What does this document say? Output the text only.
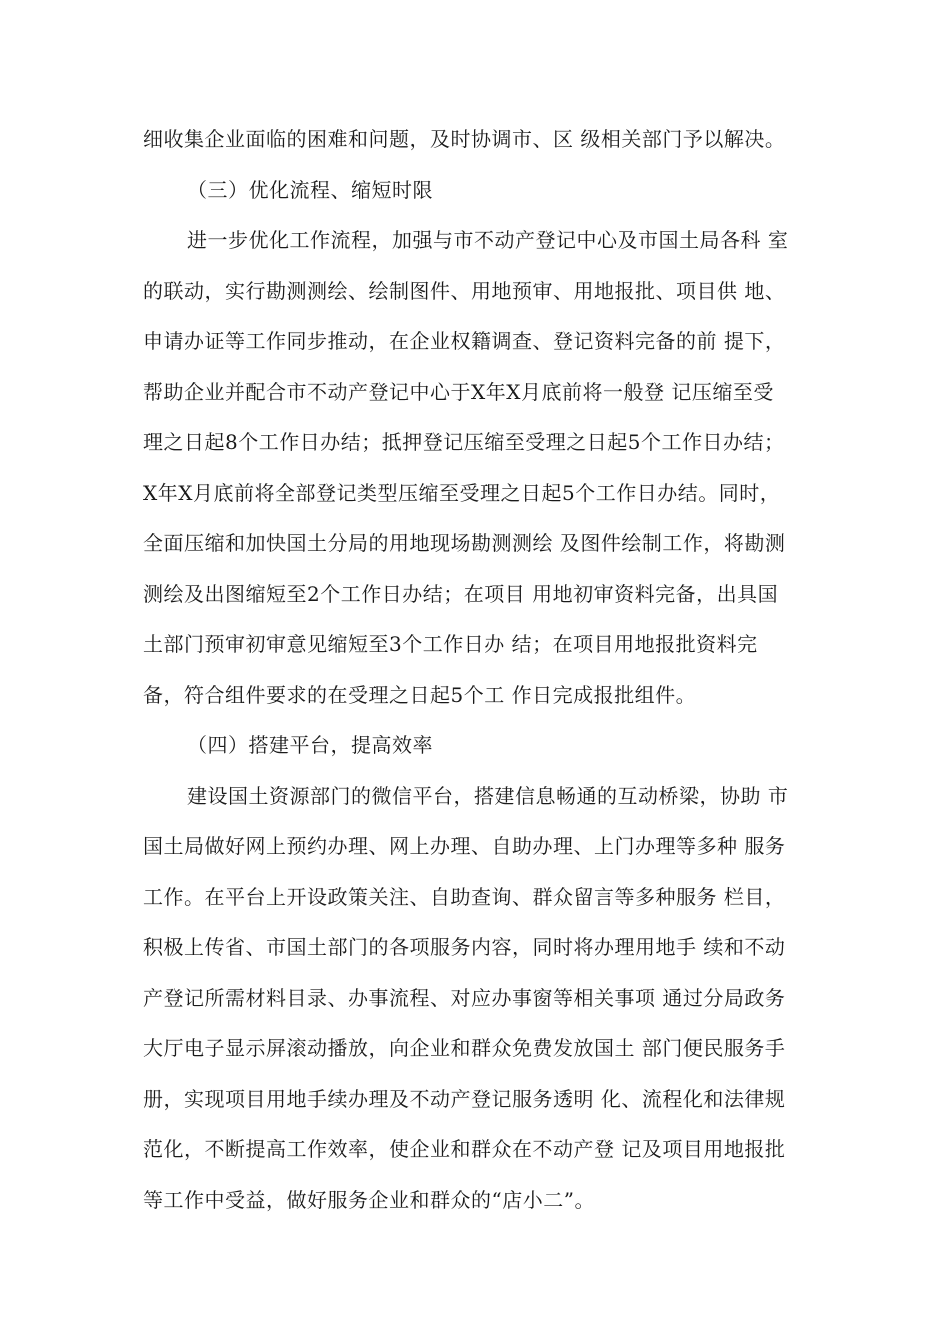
细收集企业面临的困难和问题，及时协调市、区 级相关部门予以解决。
（三）优化流程、缩短时限
进一步优化工作流程，加强与市不动产登记中心及市国土局各科 室
的联动，实行勘测测绘、绘制图件、用地预审、用地报批、项目供 地、
申请办证等工作同步推动，在企业权籍调查、登记资料完备的前 提下，
帮助企业并配合市不动产登记中心于X年X月底前将一般登 记压缩至受
理之日起8个工作日办结；抵押登记压缩至受理之日起5个工作日办结；
X年X月底前将全部登记类型压缩至受理之日起5个工作日办结。同时，
全面压缩和加快国土分局的用地现场勘测测绘 及图件绘制工作，将勘测
测绘及出图缩短至2个工作日办结；在项目 用地初审资料完备，出具国
土部门预审初审意见缩短至3个工作日办 结；在项目用地报批资料完
备，符合组件要求的在受理之日起5个工 作日完成报批组件。
（四）搭建平台，提高效率
建设国土资源部门的微信平台，搭建信息畅通的互动桥梁，协助 市
国土局做好网上预约办理、网上办理、自助办理、上门办理等多种 服务
工作。在平台上开设政策关注、自助查询、群众留言等多种服务 栏目，
积极上传省、市国土部门的各项服务内容，同时将办理用地手 续和不动
产登记所需材料目录、办事流程、对应办事窗等相关事项 通过分局政务
大厅电子显示屏滚动播放，向企业和群众免费发放国土 部门便民服务手
册，实现项目用地手续办理及不动产登记服务透明 化、流程化和法律规
范化，不断提高工作效率，使企业和群众在不动产登 记及项目用地报批
等工作中受益，做好服务企业和群众的“店小二”。
